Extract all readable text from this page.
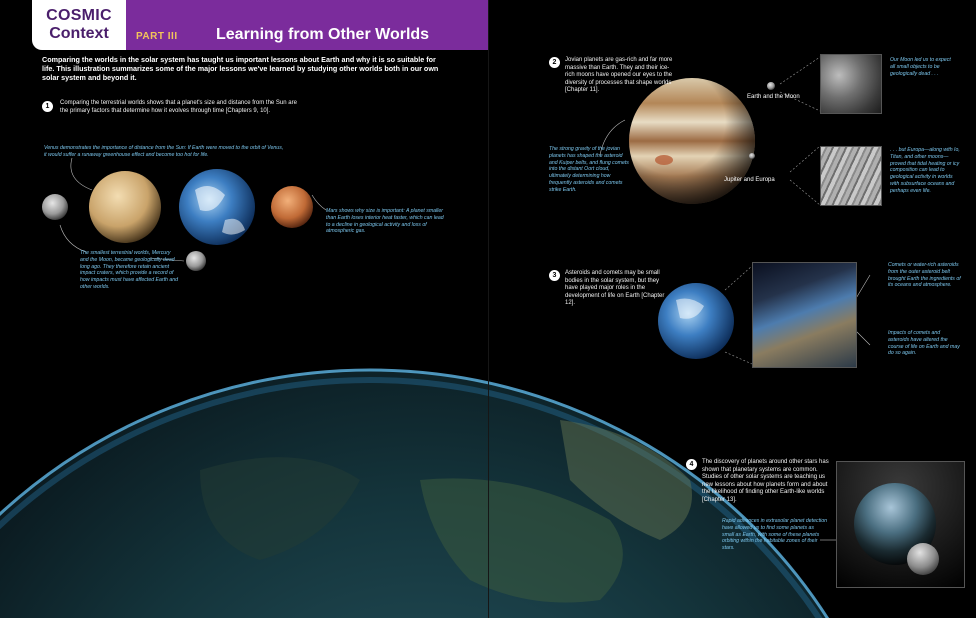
COSMIC
Context	PART III Learning from Other Worlds
Comparing the worlds in the solar system has taught us important lessons about Earth and why it is so suitable for life. This illustration summarizes some of the major lessons we've learned by studying other worlds both in our own solar system and beyond it.
1	Comparing the terrestrial worlds shows that a planet's size and distance from the Sun are the primary factors that determine how it evolves through time [Chapters 9, 10].
Venus demonstrates the importance of distance from the Sun: If Earth were moved to the orbit of Venus, it would suffer a runaway greenhouse effect and become too hot for life.
Mars shows why size is important: A planet smaller than Earth loses interior heat faster, which can lead to a decline in geological activity and loss of atmospheric gas.
The smallest terrestrial worlds, Mercury and the Moon, became geologically dead long ago. They therefore retain ancient impact craters, which provide a record of how impacts must have affected Earth and other worlds.
2	Jovian planets are gas-rich and far more massive than Earth. They and their ice-rich moons have opened our eyes to the diversity of processes that shape worlds [Chapter 11].
The strong gravity of the jovian planets has shaped the asteroid and Kuiper belts, and flung comets into the distant Oort cloud, ultimately determining how frequently asteroids and comets strike Earth.
Earth and the Moon
Jupiter and Europa
Our Moon led us to expect all small objects to be geologically dead . . .
. . . but Europa—along with Io, Titan, and other moons—proved that tidal heating or icy composition can lead to geological activity in worlds with subsurface oceans and perhaps even life.
3	Asteroids and comets may be small bodies in the solar system, but they have played major roles in the development of life on Earth [Chapter 12].
Comets or water-rich asteroids from the outer asteroid belt brought Earth the ingredients of its oceans and atmosphere.
Impacts of comets and asteroids have altered the course of life on Earth and may do so again.
4	The discovery of planets around other stars has shown that planetary systems are common. Studies of other solar systems are teaching us new lessons about how planets form and about the likelihood of finding other Earth-like worlds [Chapter 13].
Rapid advances in extrasolar planet detection have allowed us to find some planets as small as Earth, with some of these planets orbiting within the habitable zones of their stars.
